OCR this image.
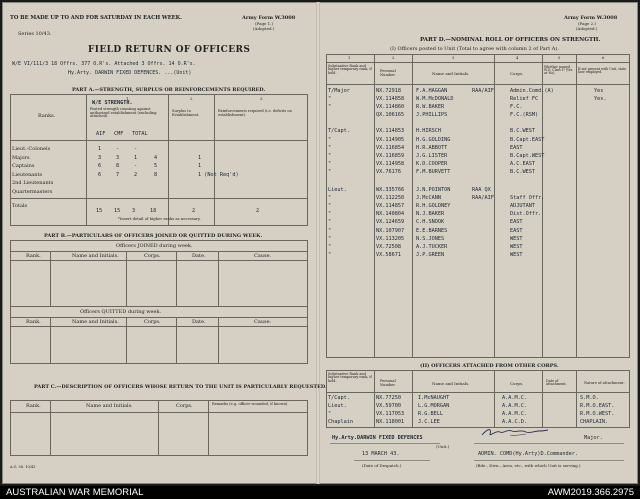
TO BE MADE UP TO AND FOR SATURDAY IN EACH WEEK.	Army Form W.3008
(Page 1.)
(Adopted.)
Series 10/43.
FIELD RETURN OF OFFICERS
W/E VI/111/3 18 Offrs. 377 O.R's. Attached 3 Offrs. 14 O.R's.
Hy.Arty. DARWIN FIXED DEFENCES. ...(Unit)
PART A.—STRENGTH, SURPLUS OR REINFORCEMENTS REQUIRED.
1	2	3
Ranks.
W/E STRENGTH.
Posted strength counting against authorized establishment (excluding attached).
Surplus to Establishment.
Reinforcements required (i.e. deficits on establishment).
AIF CMF TOTAL
Lieut.-Colonels	1	-	-
Majors	3	3	1	4	1
Captains	6	8	-	5	1
Lieutenants	6	7	2	8	1 (Not Req'd)
2nd Lieutenants
Quartermasters
Totals
15 15 3	18	2	2
*Insert detail of higher ranks as necessary.
PART B.—PARTICULARS OF OFFICERS JOINED OR QUITTED DURING WEEK.
Officers JOINED during week.
Officers QUITTED during week.
Rank.	Name and Initials.	Corps.	Date.	Cause.
Rank.	Name and Initials.	Corps.	Date.	Cause.
PART C.—DESCRIPTION OF OFFICERS WHOSE RETURN TO THE UNIT IS PARTICULARLY REQUESTED.
Rank.	Name and Initials.	Corps.	Remarks (e.g. officer wounded, if known).
A.G. 58. 10/43
Army Form W.3008
(Page 2.)
(Adopted.)
PART D.—NOMINAL ROLL OF OFFICERS ON STRENGTH.
(I) Officers posted to Unit (Total to agree with column 2 of Part A).
1	2	3	4	5	6
Substantive Rank and higher temporary rank, if held.	Personal Number.	Name and Initials.	Corps.
Whether passed W.O. Class I? (Yes or No).
If not present with Unit, state how employed.
T/Major	NX.72918	F.A.HAGGAN	RAA/AIF	Admin.Comd.(A)	Yes
"	VX.114858 W.M.McDONALD	Relief FC	Yes.
"	VX.114860 R.W.BAKER	F.C.
QX.106165 J.PHILLIPS	F.C.(RSM)
T/Capt.	VX.114853 H.HIRSCH	B.C.WEST
"	VX.114905 H.G.GOLDING	B.Capt.EAST
"	VX.116854 H.R.ABBOTT	EAST
"	VX.116859 J.G.LISTER	B.Capt.WEST
"	VX.114958 K.D.COOPER	A.C.EAST
"	VX.76176	F.M.BURVETT	B.C.WEST
Lieut.	WX.335766 J.N.POINTON	RAA QX
"	VX.112250 J.McCANN	RAA/AIF	Staff Offr.
"	VX.114857 R.H.GOLDNEY	ADJUTANT
"	NX.140804 N.J.BAKER	Dist.Offr.
"	VX.124659 C.H.SNOOK	EAST
"	NX.107907 E.E.BARNES	EAST
"	VX.113205 N.S.JONES	WEST
"	VX.72508	A.J.TUCKER	WEST
"	VX.58671	J.P.GREEN	WEST
(II) OFFICERS ATTACHED FROM OTHER CORPS.
Substantive Rank and higher temporary rank, if held.	Personal Number.	Name and Initials.	Corps.	Date of attachment.	Nature of attachment.
T/Capt.	NX.77250	I.McNAUGHT	A.A.M.C.	S.M.O.
Lieut.	VX.59700	L.G.MORGAN	A.A.M.C.	R.M.O.EAST.
"	VX.117053	R.G.BELL	A.A.M.C.	R.M.O.WEST.
Chaplain	NX.118001	J.C.LEE	A.A.C.D.	CHAPLAIN.
Hy.Arty.DARWIN FIXED DEFENCES
(Unit.)
13 MARCH 43.
(Date of Despatch.)
Major.
ADMIN. COMD(Hy.Arty)D.Commander.
(Bde., Divn., Area, etc., with which Unit is serving.)
AUSTRALIAN WAR MEMORIAL	AWM2019.366.2975
